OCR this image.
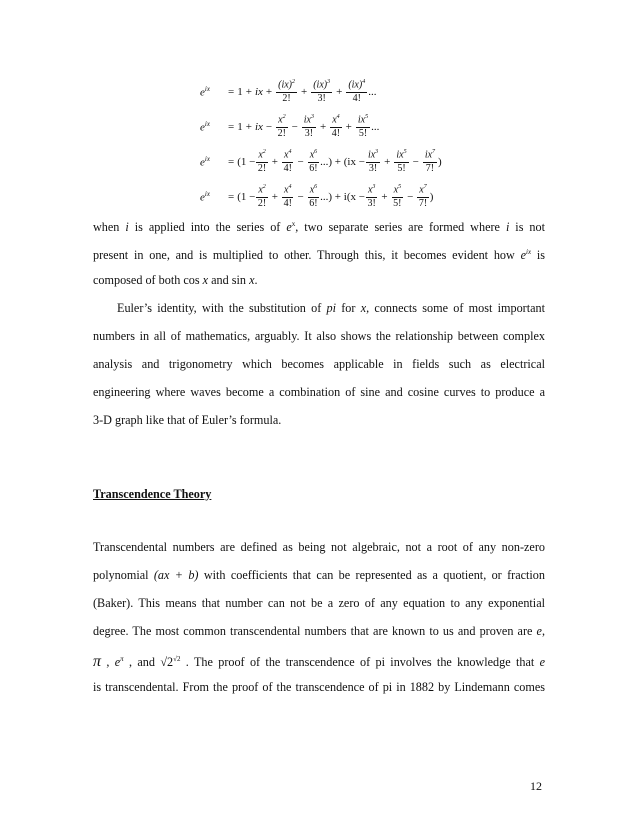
$e^{ix}$	= 1 + ix + $\frac{(ix)^2}{2!} + \frac{(ix)^3}{3!} + \frac{(ix)^4}{4!}$ ...
$e^{ix}$	= 1 + ix − $\frac{x^2}{2!} - \frac{ix^3}{3!} + \frac{x^4}{4!} + \frac{ix^5}{5!}$ ...
$e^{ix}$	= ($1 - \frac{x^2}{2!} + \frac{x^4}{4!} - \frac{x^6}{6!}$ ...) + ($ix - \frac{ix^3}{3!} + \frac{ix^5}{5!} - \frac{ix^7}{7!}$ )
$e^{ix}$	= ($1 - \frac{x^2}{2!} + \frac{x^4}{4!} - \frac{x^6}{6!}$ ...) + $i(x - \frac{x^3}{3!} + \frac{x^5}{5!} - \frac{x^7}{7!}$ )
when i is applied into the series of $e^x$, two separate series are formed where i is not
present in one, and is multiplied to other. Through this, it becomes evident how $e^{ix}$ is
composed of both cos x and sin x.
Euler’s identity, with the substitution of pi for x, connects some of most important
numbers in all of mathematics, arguably. It also shows the relationship between complex
analysis and trigonometry which becomes applicable in fields such as electrical
engineering where waves become a combination of sine and cosine curves to produce a
3-D graph like that of Euler’s formula.
Transcendence Theory
Transcendental numbers are defined as being not algebraic, not a root of any non-zero
polynomial (ax + b) with coefficients that can be represented as a quotient, or fraction
(Baker). This means that number can not be a zero of any equation to any exponential
degree. The most common transcendental numbers that are known to us and proven are e,
π , $e^\pi$ , and $√2^{√2}$ . The proof of the transcendence of pi involves the knowledge that e
is transcendental. From the proof of the transcendence of pi in 1882 by Lindemann comes
12
